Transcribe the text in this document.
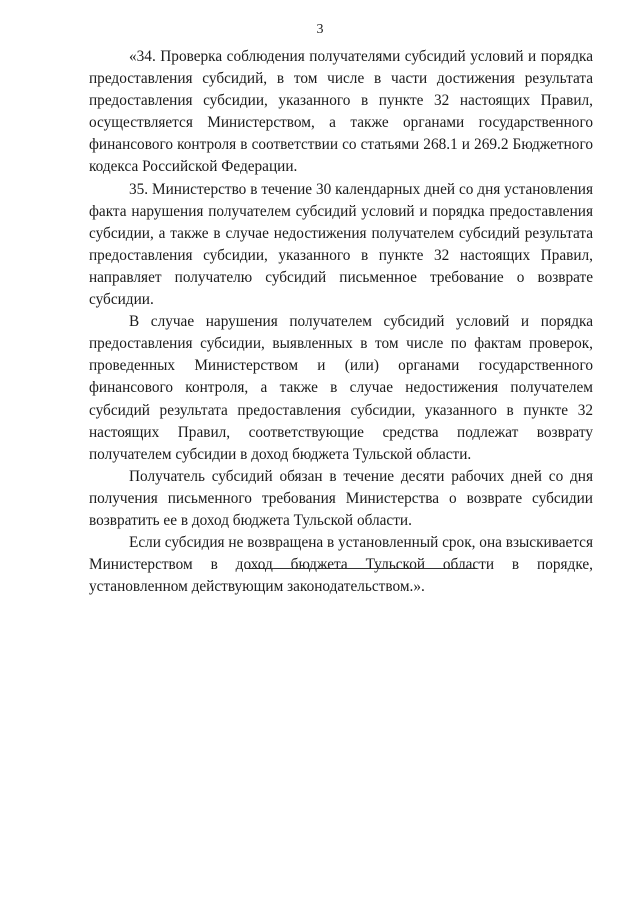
3

«34. Проверка соблюдения получателями субсидий условий и порядка предоставления субсидий, в том числе в части достижения результата предоставления субсидии, указанного в пункте 32 настоящих Правил, осуществляется Министерством, а также органами государственного финансового контроля в соответствии со статьями 268.1 и 269.2 Бюджетного кодекса Российской Федерации.

35. Министерство в течение 30 календарных дней со дня установления факта нарушения получателем субсидий условий и порядка предоставления субсидии, а также в случае недостижения получателем субсидий результата предоставления субсидии, указанного в пункте 32 настоящих Правил, направляет получателю субсидий письменное требование о возврате субсидии.

В случае нарушения получателем субсидий условий и порядка предоставления субсидии, выявленных в том числе по фактам проверок, проведенных Министерством и (или) органами государственного финансового контроля, а также в случае недостижения получателем субсидий результата предоставления субсидии, указанного в пункте 32 настоящих Правил, соответствующие средства подлежат возврату получателем субсидии в доход бюджета Тульской области.

Получатель субсидий обязан в течение десяти рабочих дней со дня получения письменного требования Министерства о возврате субсидии возвратить ее в доход бюджета Тульской области.

Если субсидия не возвращена в установленный срок, она взыскивается Министерством в доход бюджета Тульской области в порядке, установленном действующим законодательством.».
